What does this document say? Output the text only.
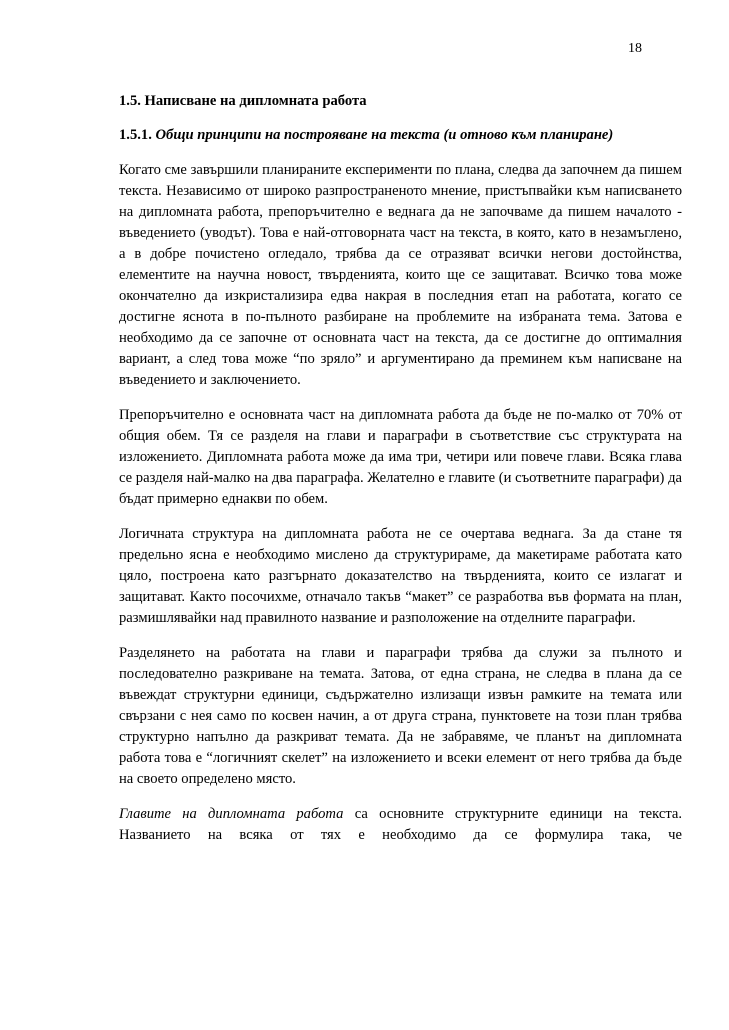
18

1.5. Написване на дипломната работа

1.5.1. Общи принципи на построяване на текста (и отново към планиране)

Когато сме завършили планираните експерименти по плана, следва да започнем да пишем текста. Независимо от широко разпространеното мнение, пристъпвайки към написването на дипломната работа, препоръчително е веднага да не започваме да пишем началото - въведението (уводът). Това е най-отговорната част на текста, в която, като в незамъглено, а в добре почистено огледало, трябва да се отразяват всички негови достойнства, елементите на научна новост, твърденията, които ще се защитават. Всичко това може окончателно да изкристализира едва накрая в последния етап на работата, когато се достигне яснота в по-пълното разбиране на проблемите на избраната тема. Затова е необходимо да се започне от основната част на текста, да се достигне до оптималния вариант, а след това може “по зряло” и аргументирано да преминем към написване на въведението и заключението.

Препоръчително е основната част на дипломната работа да бъде не по-малко от 70% от общия обем. Тя се разделя на глави и параграфи в съответствие със структурата на изложението. Дипломната работа може да има три, четири или повече глави. Всяка глава се разделя най-малко на два параграфа. Желателно е главите (и съответните параграфи) да бъдат примерно еднакви по обем.

Логичната структура на дипломната работа не се очертава веднага. За да стане тя предельно ясна е необходимо мислено да структурираме, да макетираме работата като цяло, построена като разгърнато доказателство на твърденията, които се излагат и защитават. Както посочихме, отначало такъв “макет” се разработва във формата на план, размишлявайки над правилното название и разположение на отделните параграфи.

Разделянето на работата на глави и параграфи трябва да служи за пълното и последователно разкриване на темата. Затова, от една страна, не следва в плана да се въвеждат структурни единици, съдържателно излизащи извън рамките на темата или свързани с нея само по косвен начин, а от друга страна, пунктовете на този план трябва структурно напълно да разкриват темата. Да не забравяме, че планът на дипломната работа това е “логичният скелет” на изложението и всеки елемент от него трябва да бъде на своето определено място.

Главите на дипломната работа са основните структурните единици на текста. Названието на всяка от тях е необходимо да се формулира така, че
